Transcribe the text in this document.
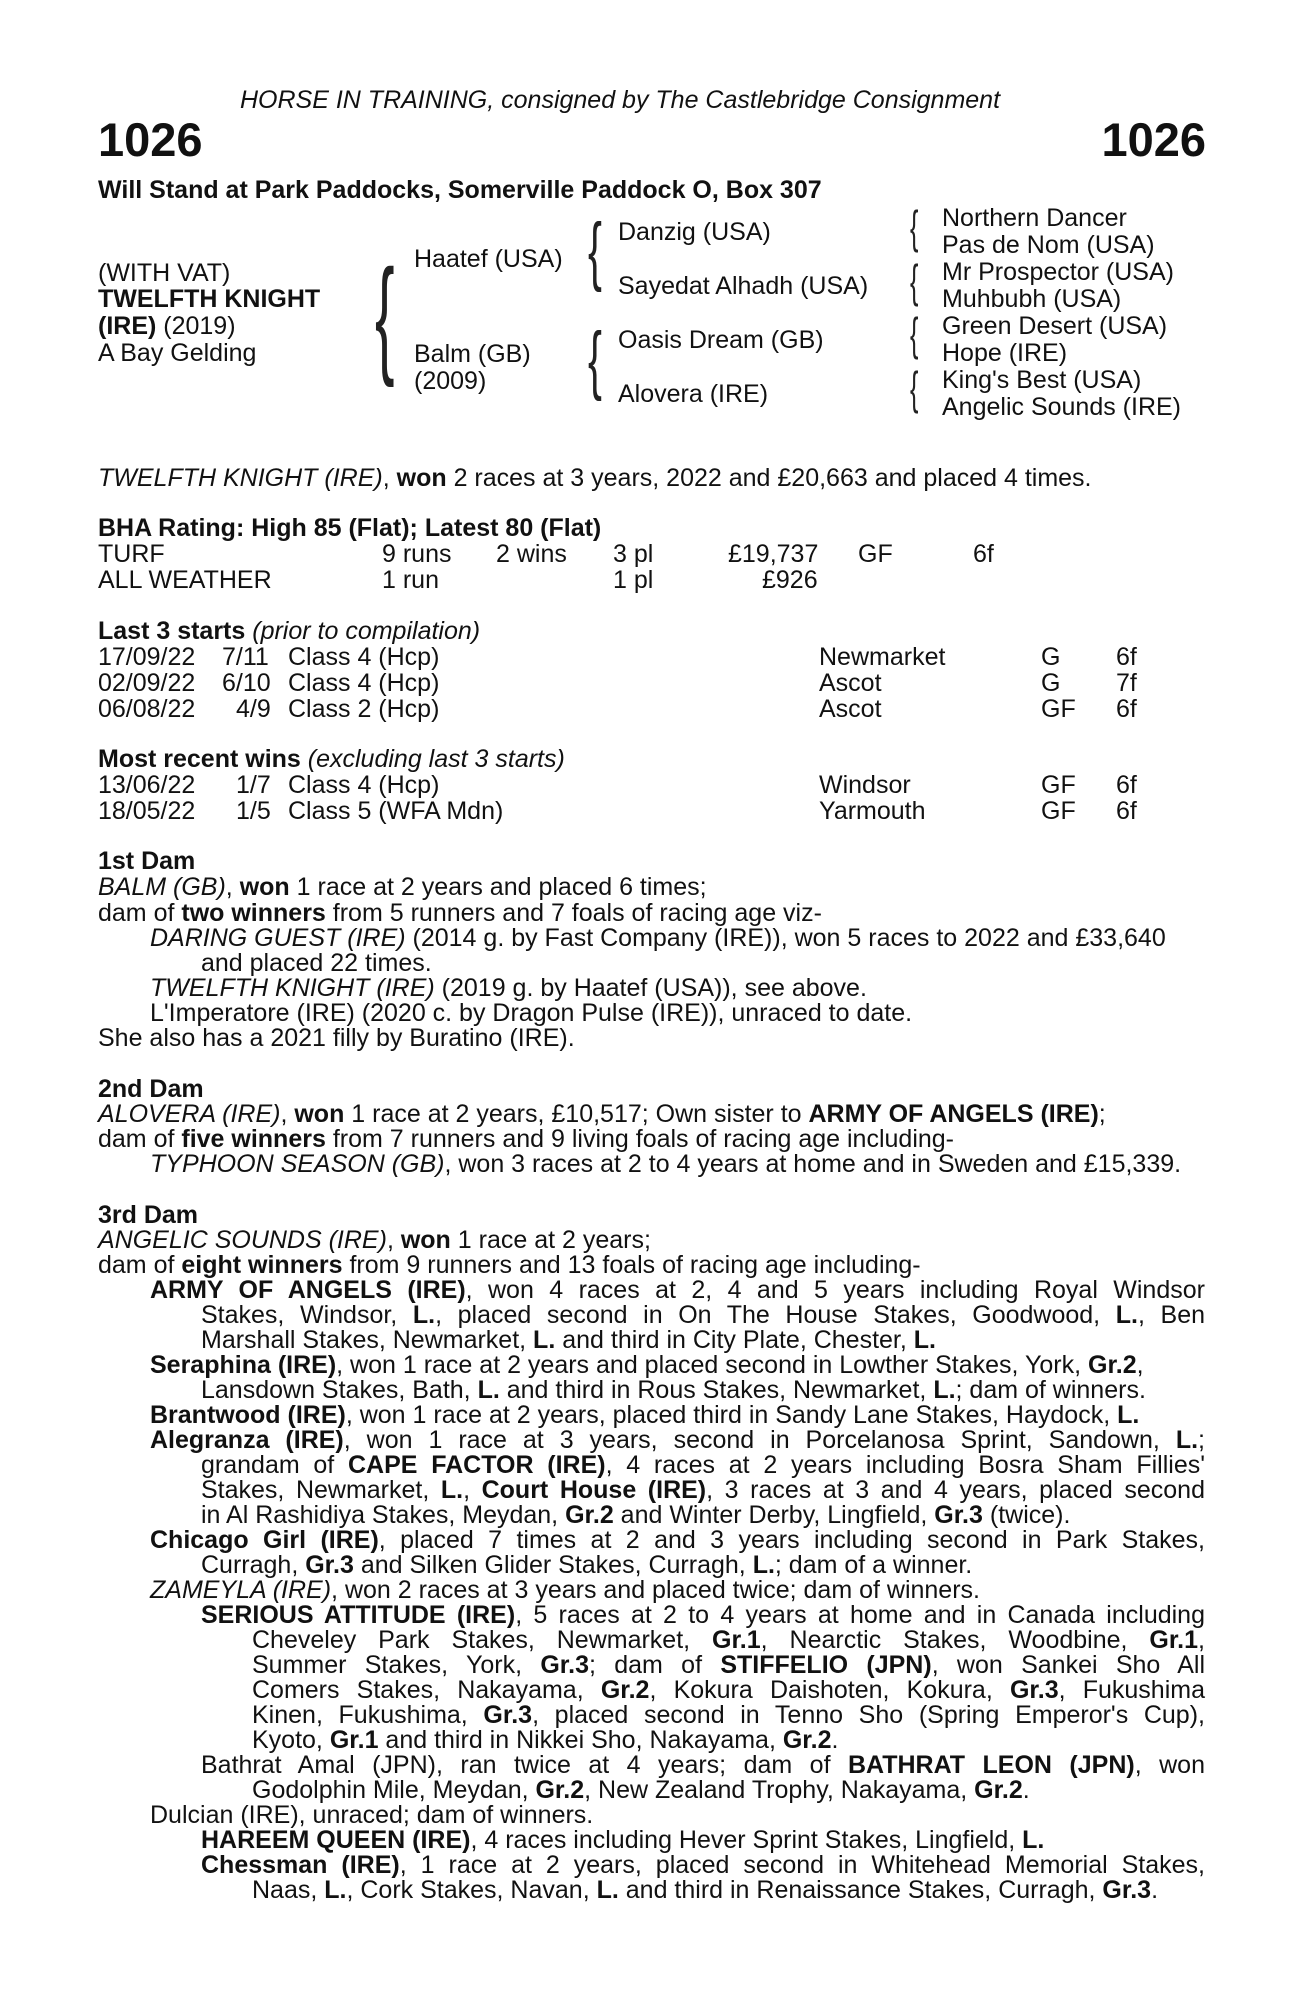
HORSE IN TRAINING, consigned by The Castlebridge Consignment
1026	1026
Will Stand at Park Paddocks, Somerville Paddock O, Box 307
(WITH VAT)
TWELFTH KNIGHT
(IRE) (2019)
A Bay Gelding {	{
{
{
{
{
{
Haatef (USA)
Balm (GB)
(2009)
Danzig (USA)
Sayedat Alhadh (USA)
Oasis Dream (GB)
Alovera (IRE)
Northern Dancer
Pas de Nom (USA)
Mr Prospector (USA)
Muhbubh (USA)
Green Desert (USA)
Hope (IRE)
King's Best (USA)
Angelic Sounds (IRE)
TWELFTH KNIGHT (IRE), won 2 races at 3 years, 2022 and £20,663 and placed 4 times.
BHA Rating: High 85 (Flat); Latest 80 (Flat)
TURF	9 runs 2 wins 3 pl	£19,737 GF	6f
ALL WEATHER	1 run	1 pl	£926
Last 3 starts (prior to compilation)
17/09/22 7/11 Class 4 (Hcp)	Newmarket	G 6f
02/09/22 6/10 Class 4 (Hcp)	Ascot	G 7f
06/08/22 4/9 Class 2 (Hcp)	Ascot	GF 6f
Most recent wins (excluding last 3 starts)
13/06/22 1/7 Class 4 (Hcp)	Windsor	GF 6f
18/05/22 1/5 Class 5 (WFA Mdn)	Yarmouth	GF 6f
1st Dam
BALM (GB), won 1 race at 2 years and placed 6 times;
dam of two winners from 5 runners and 7 foals of racing age viz-
DARING GUEST (IRE) (2014 g. by Fast Company (IRE)), won 5 races to 2022 and £33,640
and placed 22 times.
TWELFTH KNIGHT (IRE) (2019 g. by Haatef (USA)), see above.
L'Imperatore (IRE) (2020 c. by Dragon Pulse (IRE)), unraced to date.
She also has a 2021 filly by Buratino (IRE).
2nd Dam
ALOVERA (IRE), won 1 race at 2 years, £10,517; Own sister to ARMY OF ANGELS (IRE);
dam of five winners from 7 runners and 9 living foals of racing age including-
TYPHOON SEASON (GB), won 3 races at 2 to 4 years at home and in Sweden and £15,339.
3rd Dam
ANGELIC SOUNDS (IRE), won 1 race at 2 years;
dam of eight winners from 9 runners and 13 foals of racing age including-
ARMY OF ANGELS (IRE), won 4 races at 2, 4 and 5 years including Royal Windsor
Stakes, Windsor, L., placed second in On The House Stakes, Goodwood, L., Ben
Marshall Stakes, Newmarket, L. and third in City Plate, Chester, L.
Seraphina (IRE), won 1 race at 2 years and placed second in Lowther Stakes, York, Gr.2,
Lansdown Stakes, Bath, L. and third in Rous Stakes, Newmarket, L.; dam of winners.
Brantwood (IRE), won 1 race at 2 years, placed third in Sandy Lane Stakes, Haydock, L.
Alegranza (IRE), won 1 race at 3 years, second in Porcelanosa Sprint, Sandown, L.;
grandam of CAPE FACTOR (IRE), 4 races at 2 years including Bosra Sham Fillies'
Stakes, Newmarket, L., Court House (IRE), 3 races at 3 and 4 years, placed second
in Al Rashidiya Stakes, Meydan, Gr.2 and Winter Derby, Lingfield, Gr.3 (twice).
Chicago Girl (IRE), placed 7 times at 2 and 3 years including second in Park Stakes,
Curragh, Gr.3 and Silken Glider Stakes, Curragh, L.; dam of a winner.
ZAMEYLA (IRE), won 2 races at 3 years and placed twice; dam of winners.
SERIOUS ATTITUDE (IRE), 5 races at 2 to 4 years at home and in Canada including
Cheveley Park Stakes, Newmarket, Gr.1, Nearctic Stakes, Woodbine, Gr.1,
Summer Stakes, York, Gr.3; dam of STIFFELIO (JPN), won Sankei Sho All
Comers Stakes, Nakayama, Gr.2, Kokura Daishoten, Kokura, Gr.3, Fukushima
Kinen, Fukushima, Gr.3, placed second in Tenno Sho (Spring Emperor's Cup),
Kyoto, Gr.1 and third in Nikkei Sho, Nakayama, Gr.2.
Bathrat Amal (JPN), ran twice at 4 years; dam of BATHRAT LEON (JPN), won
Godolphin Mile, Meydan, Gr.2, New Zealand Trophy, Nakayama, Gr.2.
Dulcian (IRE), unraced; dam of winners.
HAREEM QUEEN (IRE), 4 races including Hever Sprint Stakes, Lingfield, L.
Chessman (IRE), 1 race at 2 years, placed second in Whitehead Memorial Stakes,
Naas, L., Cork Stakes, Navan, L. and third in Renaissance Stakes, Curragh, Gr.3.
